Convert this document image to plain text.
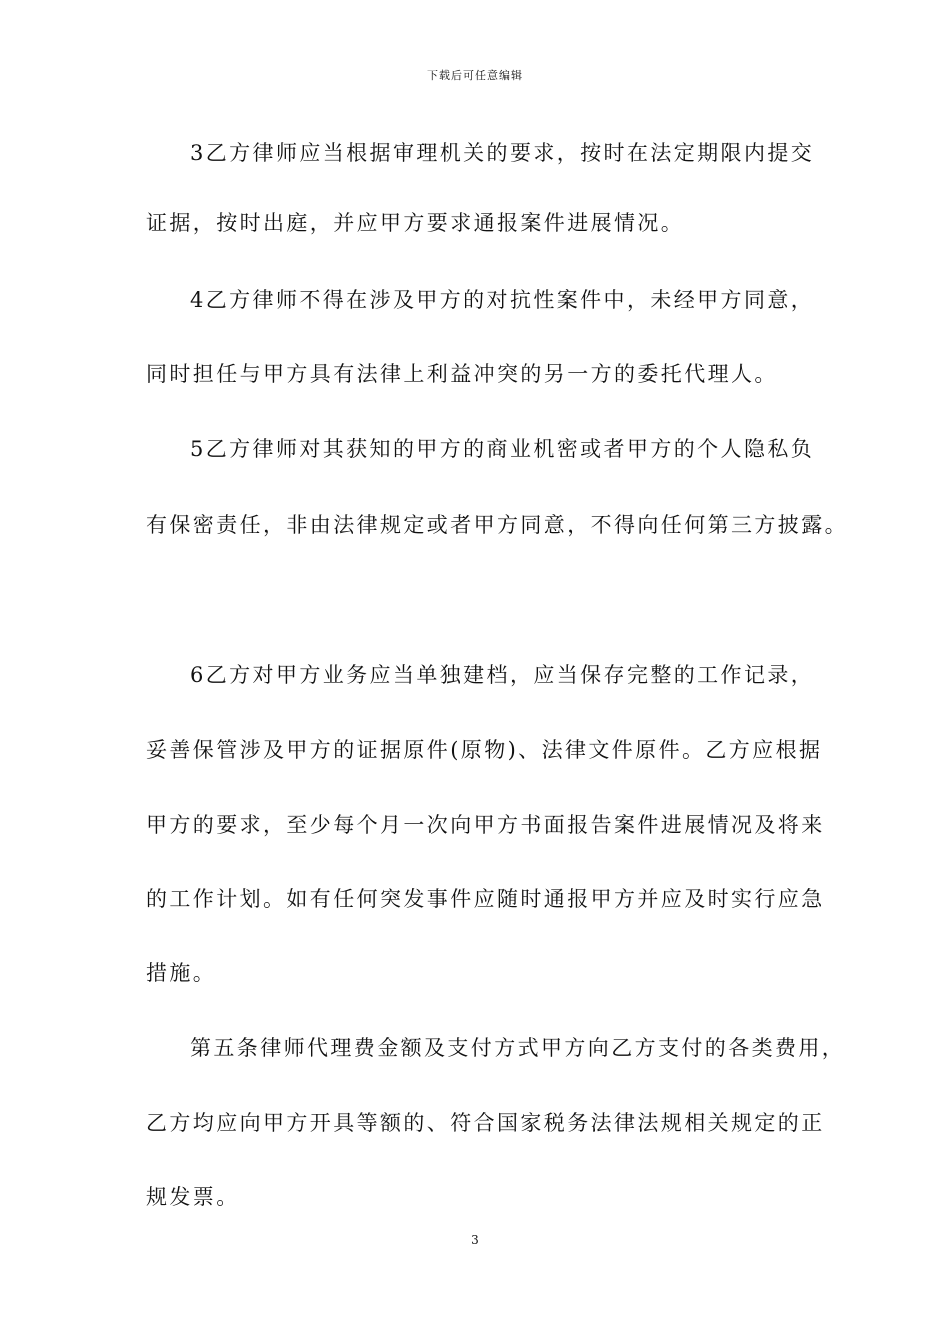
下载后可任意编辑
3乙方律师应当根据审理机关的要求，按时在法定期限内提交
证据，按时出庭，并应甲方要求通报案件进展情况。
4乙方律师不得在涉及甲方的对抗性案件中，未经甲方同意，
同时担任与甲方具有法律上利益冲突的另一方的委托代理人。
5乙方律师对其获知的甲方的商业机密或者甲方的个人隐私负
有保密责任，非由法律规定或者甲方同意，不得向任何第三方披露。
6乙方对甲方业务应当单独建档，应当保存完整的工作记录，
妥善保管涉及甲方的证据原件(原物)、法律文件原件。乙方应根据
甲方的要求，至少每个月一次向甲方书面报告案件进展情况及将来
的工作计划。如有任何突发事件应随时通报甲方并应及时实行应急
措施。
第五条律师代理费金额及支付方式甲方向乙方支付的各类费用，
乙方均应向甲方开具等额的、符合国家税务法律法规相关规定的正
规发票。
3
